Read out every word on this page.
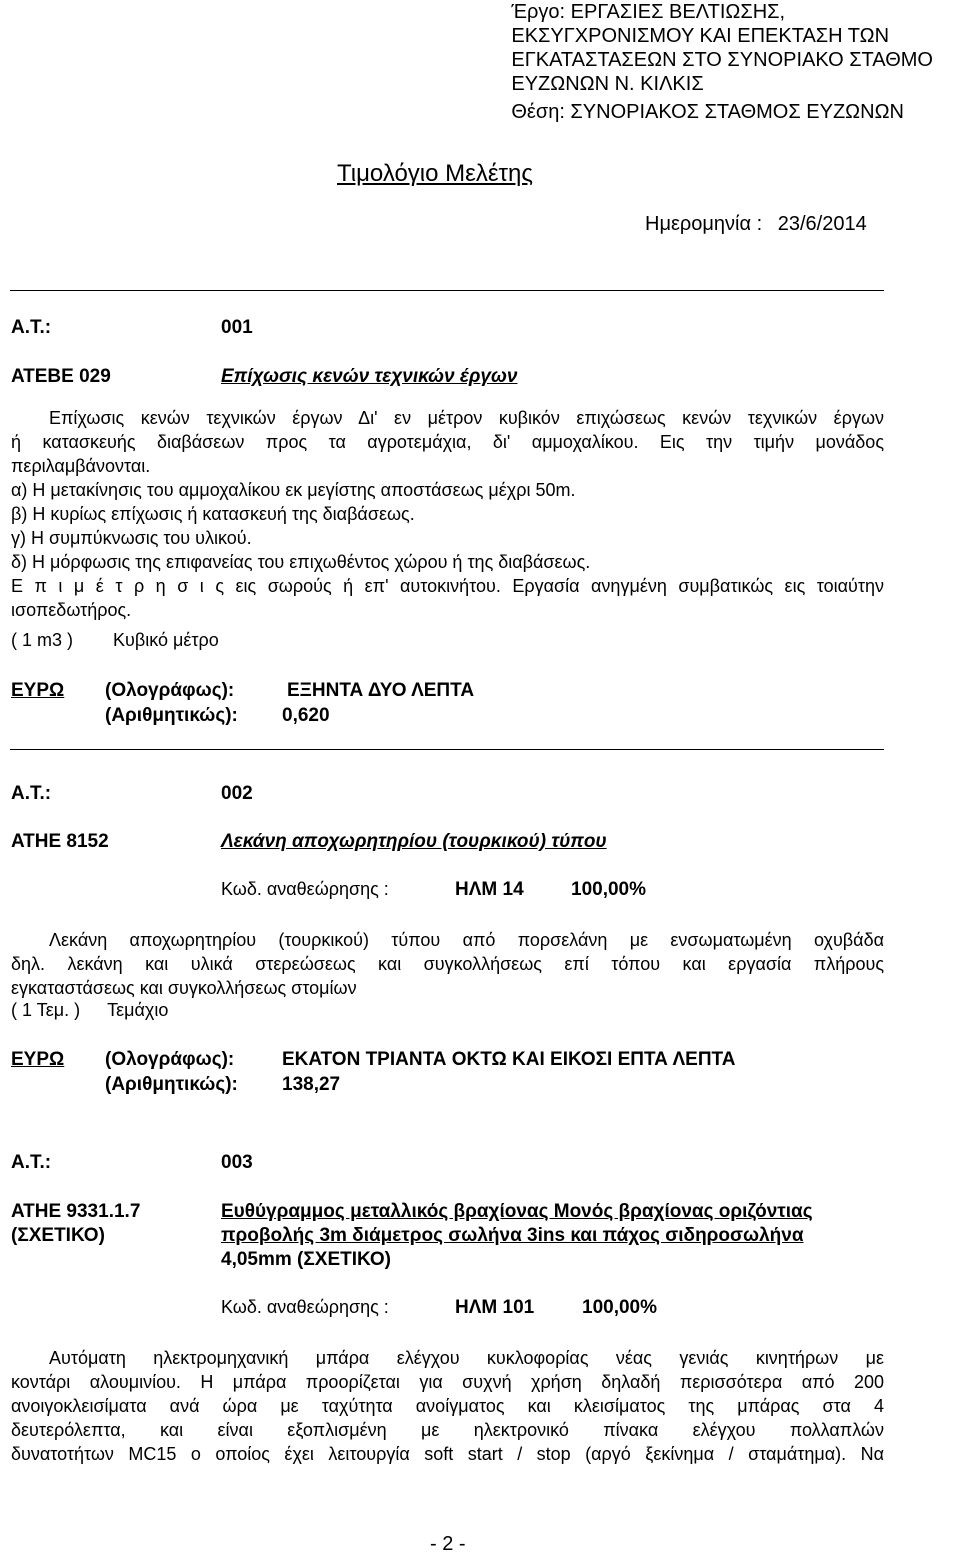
Έργο: ΕΡΓΑΣΙΕΣ ΒΕΛΤΙΩΣΗΣ,
ΕΚΣΥΓΧΡΟΝΙΣΜΟΥ ΚΑΙ ΕΠΕΚΤΑΣΗ ΤΩΝ
ΕΓΚΑΤΑΣΤΑΣΕΩΝ ΣΤΟ ΣΥΝΟΡΙΑΚΟ ΣΤΑΘΜΟ
ΕΥΖΩΝΩΝ Ν. ΚΙΛΚΙΣ
Θέση: ΣΥΝΟΡΙΑΚΟΣ ΣΤΑΘΜΟΣ ΕΥΖΩΝΩΝ
Τιμολόγιο Μελέτης
Ημερομηνία : 23/6/2014
Α.Τ.:	001
ΑΤΕΒΕ 029	Επίχωσις κενών τεχνικών έργων

Επίχωσις κενών τεχνικών έργων Δι' εν μέτρον κυβικόν επιχώσεως κενών τεχνικών έργων

ή κατασκευής διαβάσεων προς τα αγροτεμάχια, δι' αμμοχαλίκου. Εις την τιμήν μονάδος

περιλαμβάνονται.

α) Η μετακίνησις του αμμοχαλίκου εκ μεγίστης αποστάσεως μέχρι 50m.

β) Η κυρίως επίχωσις ή κατασκευή της διαβάσεως.

γ) Η συμπύκνωσις του υλικού.

δ) Η μόρφωσις της επιφανείας του επιχωθέντος χώρου ή της διαβάσεως.

Ε π ι μ έ τ ρ η σ ι ς εις σωρούς ή επ' αυτοκινήτου. Εργασία ανηγμένη συμβατικώς εις τοιαύτην

ισοπεδωτήρος.

( 1 m3 ) Κυβικό μέτρο
ΕΥΡΩ (Ολογράφως):	ΕΞΗΝΤΑ ΔΥΟ ΛΕΠΤΑ
(Αριθμητικώς): 0,620
Α.Τ.:	002
ΑΤΗΕ 8152	Λεκάνη αποχωρητηρίου (τουρκικού) τύπου
Κωδ. αναθεώρησης :	ΗΛΜ 14 100,00%

Λεκάνη αποχωρητηρίου (τουρκικού) τύπου από πορσελάνη με ενσωματωμένη οχυβάδα

δηλ. λεκάνη και υλικά στερεώσεως και συγκολλήσεως επί τόπου και εργασία πλήρους

εγκαταστάσεως και συγκολλήσεως στομίων

( 1 Τεμ. ) Τεμάχιο
ΕΥΡΩ (Ολογράφως):	ΕΚΑΤΟΝ ΤΡΙΑΝΤΑ ΟΚΤΩ ΚΑΙ ΕΙΚΟΣΙ ΕΠΤΑ ΛΕΠΤΑ
(Αριθμητικώς): 138,27
Α.Τ.:	003
ΑΤΗΕ 9331.1.7
(ΣΧΕΤΙΚΟ)
Ευθύγραμμος μεταλλικός βραχίονας Μονός βραχίονας οριζόντιας
προβολής 3m διάμετρος σωλήνα 3ins και πάχος σιδηροσωλήνα
4,05mm (ΣΧΕΤΙΚΟ)
Κωδ. αναθεώρησης :	ΗΛΜ 101	100,00%

Αυτόματη ηλεκτρομηχανική μπάρα ελέγχου κυκλοφορίας νέας γενιάς κινητήρων με

κοντάρι αλουμινίου. Η μπάρα προορίζεται για συχνή χρήση δηλαδή περισσότερα από 200

ανοιγοκλεισίματα ανά ώρα με ταχύτητα ανοίγματος και κλεισίματος της μπάρας στα 4

δευτερόλεπτα, και είναι εξοπλισμένη με ηλεκτρονικό πίνακα ελέγχου πολλαπλών

δυνατοτήτων MC15 ο οποίος έχει λειτουργία soft start / stop (αργό ξεκίνημα / σταμάτημα). Να

- 2 -
